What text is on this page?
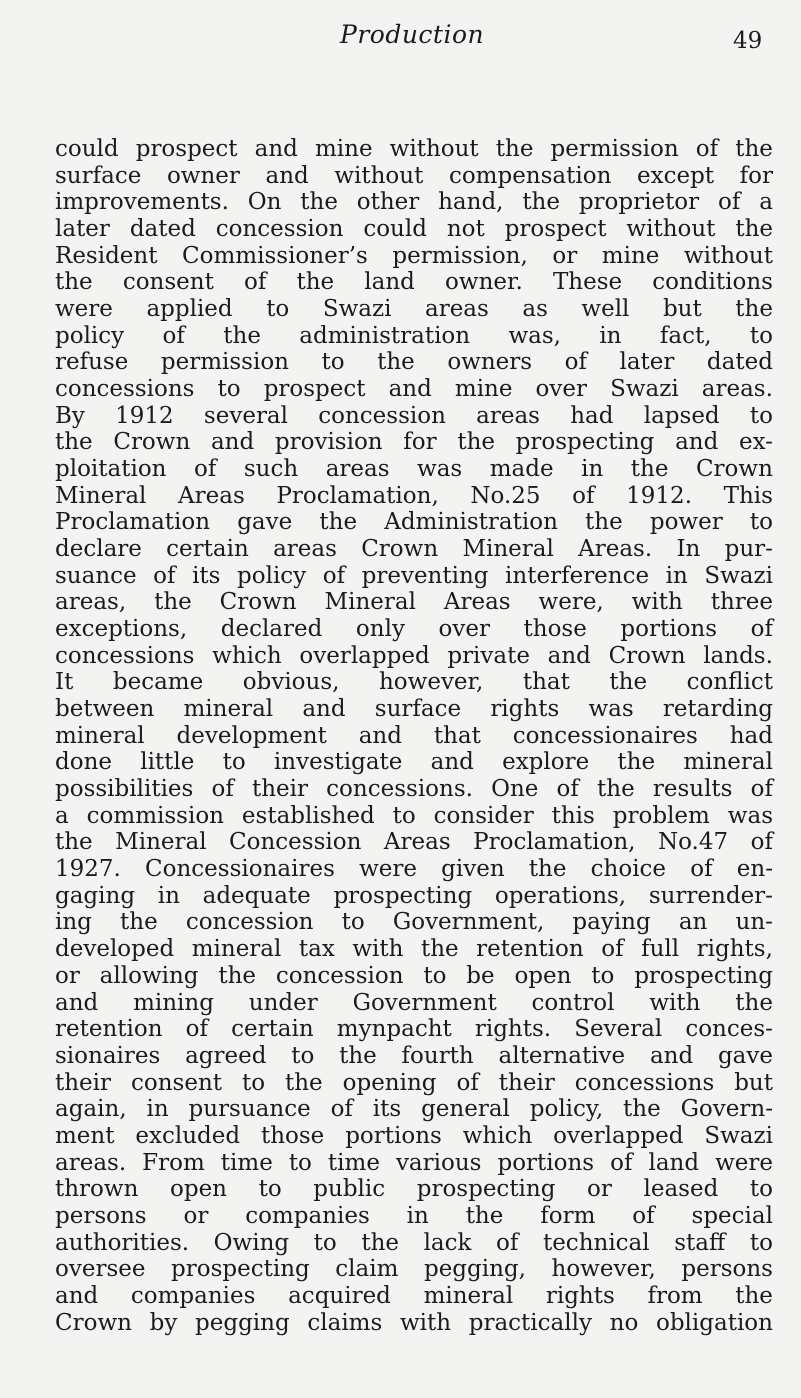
Production	49
could prospect and mine without the permission of the
surface owner and without compensation except for
improvements. On the other hand, the proprietor of a
later dated concession could not prospect without the
Resident Commissioner’s permission, or mine without
the consent of the land owner. These conditions
were applied to Swazi areas as well but the
policy of the administration was, in fact, to
refuse permission to the owners of later dated
concessions to prospect and mine over Swazi areas.
By 1912 several concession areas had lapsed to
the Crown and provision for the prospecting and ex-
ploitation of such areas was made in the Crown
Mineral Areas Proclamation, No.25 of 1912. This
Proclamation gave the Administration the power to
declare certain areas Crown Mineral Areas. In pur-
suance of its policy of preventing interference in Swazi
areas, the Crown Mineral Areas were, with three
exceptions, declared only over those portions of
concessions which overlapped private and Crown lands.
It became obvious, however, that the conflict
between mineral and surface rights was retarding
mineral development and that concessionaires had
done little to investigate and explore the mineral
possibilities of their concessions. One of the results of
a commission established to consider this problem was
the Mineral Concession Areas Proclamation, No.47 of
1927. Concessionaires were given the choice of en-
gaging in adequate prospecting operations, surrender-
ing the concession to Government, paying an un-
developed mineral tax with the retention of full rights,
or allowing the concession to be open to prospecting
and mining under Government control with the
retention of certain mynpacht rights. Several conces-
sionaires agreed to the fourth alternative and gave
their consent to the opening of their concessions but
again, in pursuance of its general policy, the Govern-
ment excluded those portions which overlapped Swazi
areas. From time to time various portions of land were
thrown open to public prospecting or leased to
persons or companies in the form of special
authorities. Owing to the lack of technical staff to
oversee prospecting claim pegging, however, persons
and companies acquired mineral rights from the
Crown by pegging claims with practically no obligation
